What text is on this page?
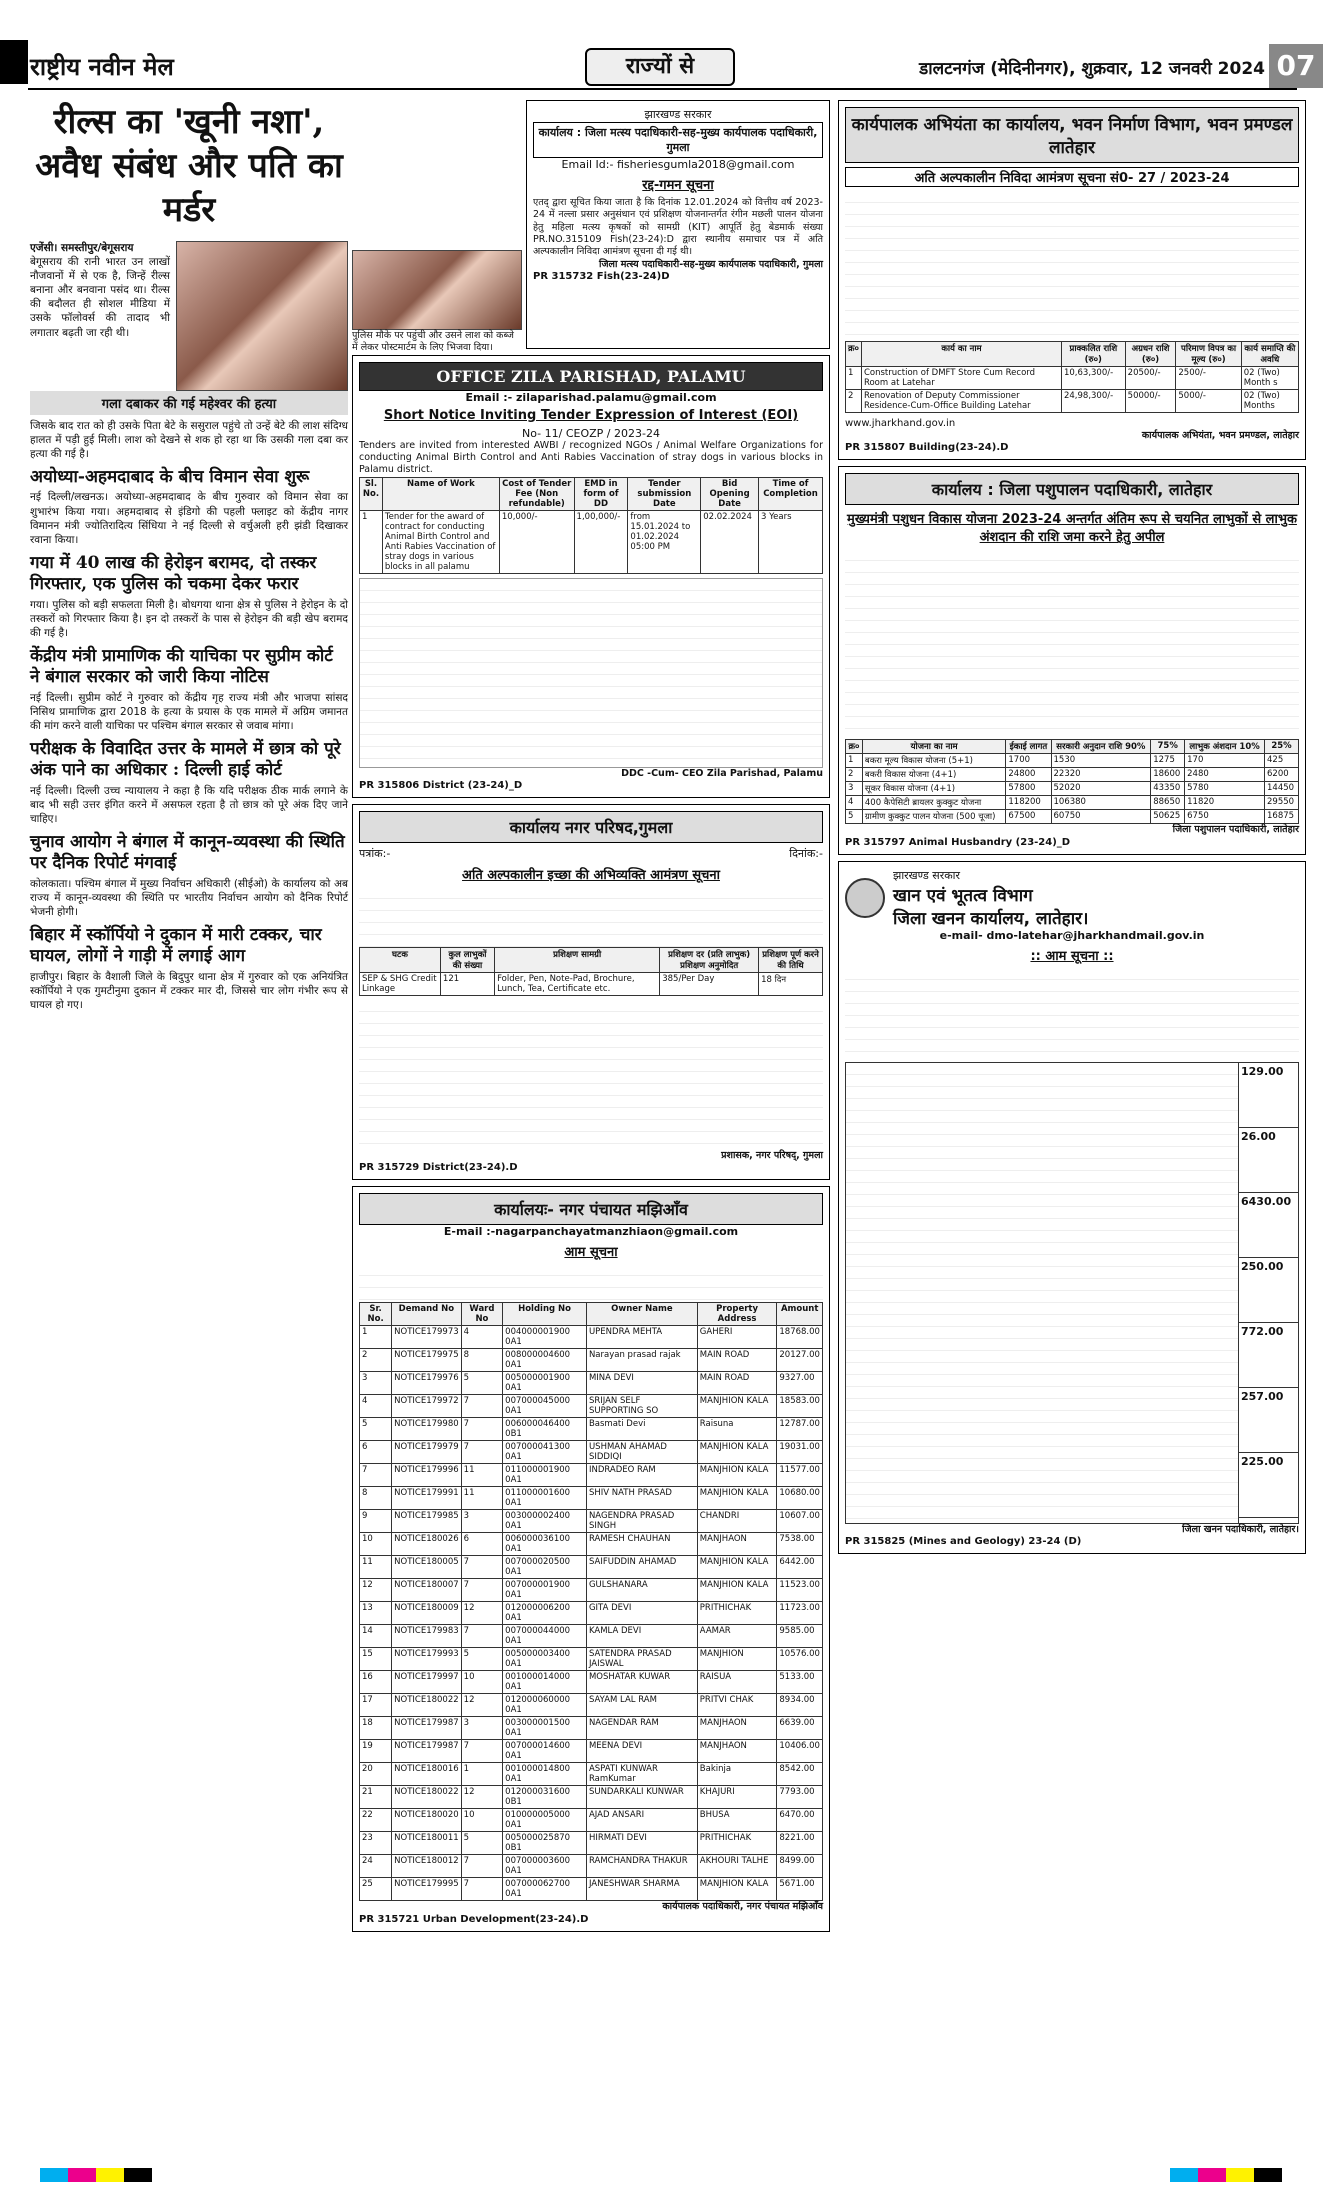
राष्ट्रीय नवीन मेल	राज्यों से	डालटनगंज (मेदिनीनगर), शुक्रवार, 12 जनवरी 2024 07
रील्स का 'खूनी नशा', अवैध संबंध और पति का मर्डर

एजेंसी। समस्तीपुर/बेगूसराय

बेगूसराय की रानी भारत उन लाखों नौजवानों में से एक है, जिन्हें रील्स बनाना और बनवाना पसंद था। रील्स की बदौलत ही सोशल मीडिया में उसके फॉलोवर्स की तादाद भी लगातार बढ़ती जा रही थी।

गला दबाकर की गई महेश्वर की हत्या

जिसके बाद रात को ही उसके पिता बेटे के ससुराल पहुंचे तो उन्हें बेटे की लाश संदिग्ध हालत में पड़ी हुई मिली। लाश को देखने से शक हो रहा था कि उसकी गला दबा कर हत्या की गई है।

अयोध्या-अहमदाबाद के बीच विमान सेवा शुरू

नई दिल्ली/लखनऊ। अयोध्या-अहमदाबाद के बीच गुरुवार को विमान सेवा का शुभारंभ किया गया। अहमदाबाद से इंडिगो की पहली फ्लाइट को केंद्रीय नागर विमानन मंत्री ज्योतिरादित्य सिंधिया ने नई दिल्ली से वर्चुअली हरी झंडी दिखाकर रवाना किया।

गया में 40 लाख की हेरोइन बरामद, दो तस्कर गिरफ्तार, एक पुलिस को चकमा देकर फरार

गया। पुलिस को बड़ी सफलता मिली है। बोधगया थाना क्षेत्र से पुलिस ने हेरोइन के दो तस्करों को गिरफ्तार किया है। इन दो तस्करों के पास से हेरोइन की बड़ी खेप बरामद की गई है।

केंद्रीय मंत्री प्रामाणिक की याचिका पर सुप्रीम कोर्ट ने बंगाल सरकार को जारी किया नोटिस

नई दिल्ली। सुप्रीम कोर्ट ने गुरुवार को केंद्रीय गृह राज्य मंत्री और भाजपा सांसद निसिथ प्रामाणिक द्वारा 2018 के हत्या के प्रयास के एक मामले में अग्रिम जमानत की मांग करने वाली याचिका पर पश्चिम बंगाल सरकार से जवाब मांगा।

परीक्षक के विवादित उत्तर के मामले में छात्र को पूरे अंक पाने का अधिकार : दिल्ली हाई कोर्ट

नई दिल्ली। दिल्ली उच्च न्यायालय ने कहा है कि यदि परीक्षक ठीक मार्क लगाने के बाद भी सही उत्तर इंगित करने में असफल रहता है तो छात्र को पूरे अंक दिए जाने चाहिए।

चुनाव आयोग ने बंगाल में कानून-व्यवस्था की स्थिति पर दैनिक रिपोर्ट मंगवाई

कोलकाता। पश्चिम बंगाल में मुख्य निर्वाचन अधिकारी (सीईओ) के कार्यालय को अब राज्य में कानून-व्यवस्था की स्थिति पर भारतीय निर्वाचन आयोग को दैनिक रिपोर्ट भेजनी होगी।

बिहार में स्कॉर्पियो ने दुकान में मारी टक्कर, चार घायल, लोगों ने गाड़ी में लगाई आग

हाजीपुर। बिहार के वैशाली जिले के बिदुपुर थाना क्षेत्र में गुरुवार को एक अनियंत्रित स्कॉर्पियो ने एक गुमटीनुमा दुकान में टक्कर मार दी, जिससे चार लोग गंभीर रूप से घायल हो गए।

पुलिस मौके पर पहुंची और उसने लाश को कब्जे में लेकर पोस्टमार्टम के लिए भिजवा दिया।

झारखण्ड सरकार
कार्यालय : जिला मत्स्य पदाधिकारी-सह-मुख्य कार्यपालक पदाधिकारी, गुमला
Email Id:- fisheriesgumla2018@gmail.com
रद्द-गमन सूचना

एतद् द्वारा सूचित किया जाता है कि दिनांक 12.01.2024 को वित्तीय वर्ष 2023-24 में नल्ला प्रसार अनुसंधान एवं प्रशिक्षण योजनान्तर्गत रंगीन मछली पालन योजना हेतु महिला मत्स्य कृषकों को सामग्री (KIT) आपूर्ति हेतु बेडमार्क संख्या PR.NO.315109 Fish(23-24):D द्वारा स्थानीय समाचार पत्र में अति अल्पकालीन निविदा आमंत्रण सूचना दी गई थी।

जिला मत्स्य पदाधिकारी-सह-मुख्य कार्यपालक पदाधिकारी, गुमला

PR 315732 Fish(23-24)D
OFFICE ZILA PARISHAD, PALAMU
Email :- zilaparishad.palamu@gmail.com
Short Notice Inviting Tender Expression of Interest (EOI)
No- 11/ CEOZP / 2023-24

Tenders are invited from interested AWBI / recognized NGOs / Animal Welfare Organizations for conducting Animal Birth Control and Anti Rabies Vaccination of stray dogs in various blocks in Palamu district.

Sl. No.	Name of Work	Cost of Tender Fee (Non refundable)	EMD in form of DD	Tender submission Date	Bid Opening Date	Time of Completion
1	Tender for the award of contract for conducting Animal Birth Control and Anti Rabies Vaccination of stray dogs in various blocks in all palamu	10,000/-	1,00,000/-	from 15.01.2024 to 01.02.2024 05:00 PM	02.02.2024	3 Years

DDC -Cum- CEO Zila Parishad, Palamu

PR 315806 District (23-24)_D
कार्यालय नगर परिषद,गुमला
पत्रांक:-	दिनांक:-
अति अल्पकालीन इच्छा की अभिव्यक्ति आमंत्रण सूचना
घटक	कुल लाभुकों की संख्या	प्रशिक्षण सामग्री	प्रशिक्षण दर (प्रति लाभुक) प्रशिक्षण अनुमोदित	प्रशिक्षण पूर्ण करने की तिथि
SEP & SHG Credit Linkage	121	Folder, Pen, Note-Pad, Brochure, Lunch, Tea, Certificate etc.	385/Per Day	18 दिन

प्रशासक, नगर परिषद्, गुमला

PR 315729 District(23-24).D
कार्यालयः- नगर पंचायत मझिआँव
E-mail :-nagarpanchayatmanzhiaon@gmail.com
आम सूचना
Sr. No.	Demand No	Ward No	Holding No	Owner Name	Property Address	Amount
1	NOTICE179973	4	004000001900 0A1	UPENDRA MEHTA	GAHERI	18768.00
2	NOTICE179975	8	008000004600 0A1	Narayan prasad rajak	MAIN ROAD	20127.00
3	NOTICE179976	5	005000001900 0A1	MINA DEVI	MAIN ROAD	9327.00
4	NOTICE179972	7	007000045000 0A1	SRIJAN SELF SUPPORTING SO	MANJHION KALA	18583.00
5	NOTICE179980	7	006000046400 0B1	Basmati Devi	Raisuna	12787.00
6	NOTICE179979	7	007000041300 0A1	USHMAN AHAMAD SIDDIQI	MANJHION KALA	19031.00
7	NOTICE179996	11	011000001900 0A1	INDRADEO RAM	MANJHION KALA	11577.00
8	NOTICE179991	11	011000001600 0A1	SHIV NATH PRASAD	MANJHION KALA	10680.00
9	NOTICE179985	3	003000002400 0A1	NAGENDRA PRASAD SINGH	CHANDRI	10607.00
10	NOTICE180026	6	006000036100 0A1	RAMESH CHAUHAN	MANJHAON	7538.00
11	NOTICE180005	7	007000020500 0A1	SAIFUDDIN AHAMAD	MANJHION KALA	6442.00
12	NOTICE180007	7	007000001900 0A1	GULSHANARA	MANJHION KALA	11523.00
13	NOTICE180009	12	012000006200 0A1	GITA DEVI	PRITHICHAK	11723.00
14	NOTICE179983	7	007000044000 0A1	KAMLA DEVI	AAMAR	9585.00
15	NOTICE179993	5	005000003400 0A1	SATENDRA PRASAD JAISWAL	MANJHION	10576.00
16	NOTICE179997	10	001000014000 0A1	MOSHATAR KUWAR	RAISUA	5133.00
17	NOTICE180022	12	012000060000 0A1	SAYAM LAL RAM	PRITVI CHAK	8934.00
18	NOTICE179987	3	003000001500 0A1	NAGENDAR RAM	MANJHAON	6639.00
19	NOTICE179987	7	007000014600 0A1	MEENA DEVI	MANJHAON	10406.00
20	NOTICE180016	1	001000014800 0A1	ASPATI KUNWAR RamKumar	Bakinja	8542.00
21	NOTICE180022	12	012000031600 0B1	SUNDARKALI KUNWAR	KHAJURI	7793.00
22	NOTICE180020	10	010000005000 0A1	AJAD ANSARI	BHUSA	6470.00
23	NOTICE180011	5	005000025870 0B1	HIRMATI DEVI	PRITHICHAK	8221.00
24	NOTICE180012	7	007000003600 0A1	RAMCHANDRA THAKUR	AKHOURI TALHE	8499.00
25	NOTICE179995	7	007000062700 0A1	JANESHWAR SHARMA	MANJHION KALA	5671.00

कार्यपालक पदाधिकारी, नगर पंचायत मझिआँव

PR 315721 Urban Development(23-24).D
कार्यपालक अभियंता का कार्यालय, भवन निर्माण विभाग, भवन प्रमण्डल लातेहार
अति अल्पकालीन निविदा आमंत्रण सूचना सं0- 27 / 2023-24
क्र०	कार्य का नाम	प्राक्कलित राशि (रु०)	अग्रधन राशि (रु०)	परिमाण विपत्र का मूल्य (रु०)	कार्य समाप्ति की अवधि
1	Construction of DMFT Store Cum Record Room at Latehar	10,63,300/-	20500/-	2500/-	02 (Two) Month s
2	Renovation of Deputy Commissioner Residence-Cum-Office Building Latehar	24,98,300/-	50000/-	5000/-	02 (Two) Months

www.jharkhand.gov.in

कार्यपालक अभियंता, भवन प्रमण्डल, लातेहार

PR 315807 Building(23-24).D
कार्यालय : जिला पशुपालन पदाधिकारी, लातेहार
मुख्यमंत्री पशुधन विकास योजना 2023-24 अन्तर्गत अंतिम रूप से चयनित लाभुकों से लाभुक अंशदान की राशि जमा करने हेतु अपील
क्र०	योजना का नाम	ईकाई लागत	सरकारी अनुदान राशि 90%	75%	लाभुक अंशदान 10%	25%
1	बकरा मूल्य विकास योजना (5+1)	1700	1530	1275	170	425
2	बकरी विकास योजना (4+1)	24800	22320	18600	2480	6200
3	सूकर विकास योजना (4+1)	57800	52020	43350	5780	14450
4	400 कैपेसिटी ब्रायलर कुक्कुट योजना	118200	106380	88650	11820	29550
5	ग्रामीण कुक्कुट पालन योजना (500 चूजा)	67500	60750	50625	6750	16875

जिला पशुपालन पदाधिकारी, लातेहार

PR 315797 Animal Husbandry (23-24)_D
झारखण्ड सरकार
खान एवं भूतत्व विभाग
जिला खनन कार्यालय, लातेहार।
e-mail- dmo-latehar@jharkhandmail.gov.in
:: आम सूचना ::
129.00
26.00
6430.00
250.00
772.00
257.00
225.00

जिला खनन पदाधिकारी, लातेहार।

PR 315825 (Mines and Geology) 23-24 (D)
